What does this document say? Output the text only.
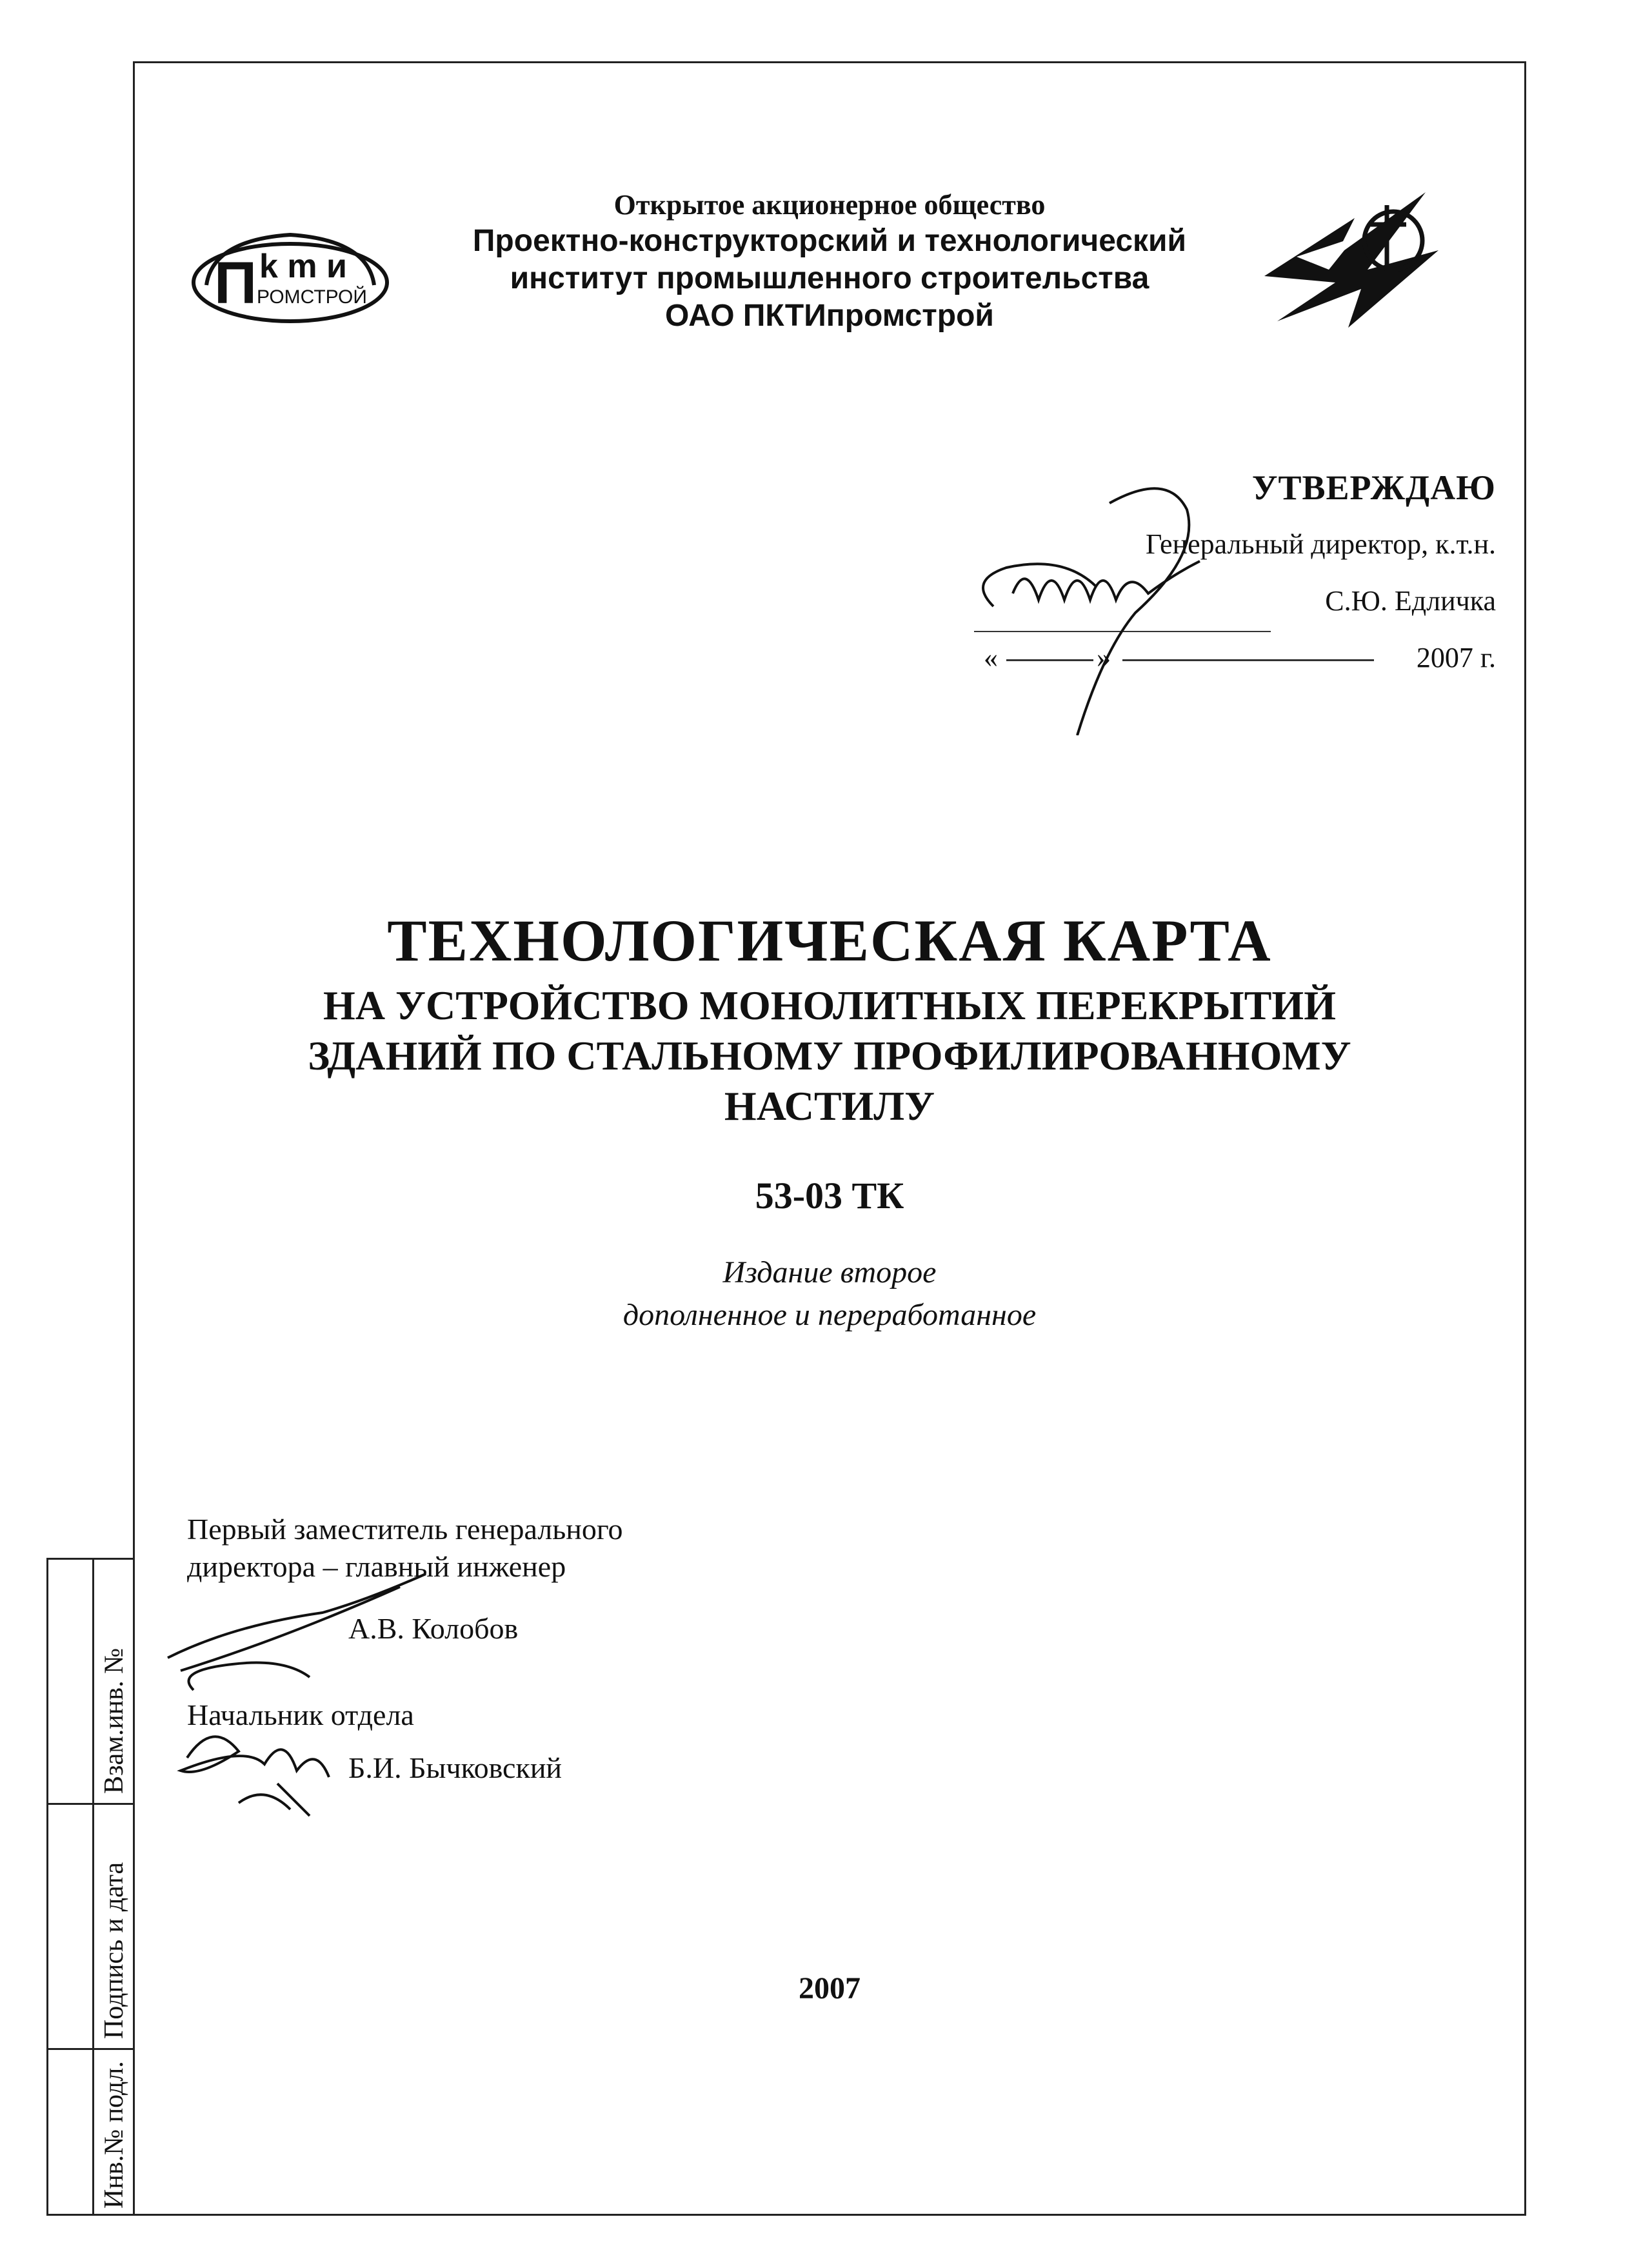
Взам.инв. №
Подпись и дата
Инв.№ подл.
П k m и
РОМСТРОЙ
Открытое акционерное общество
Проектно-конструкторский и технологический
институт промышленного строительства
ОАО ПКТИпромстрой
УТВЕРЖДАЮ
Генеральный директор, к.т.н.
С.Ю. Едличка
2007 г.
«	»
ТЕХНОЛОГИЧЕСКАЯ КАРТА
НА УСТРОЙСТВО МОНОЛИТНЫХ ПЕРЕКРЫТИЙ
ЗДАНИЙ ПО СТАЛЬНОМУ ПРОФИЛИРОВАННОМУ
НАСТИЛУ
53-03 ТК
Издание второе
дополненное и переработанное
Первый заместитель генерального
директора – главный инженер
А.В. Колобов
Начальник отдела
Б.И. Бычковский
2007
